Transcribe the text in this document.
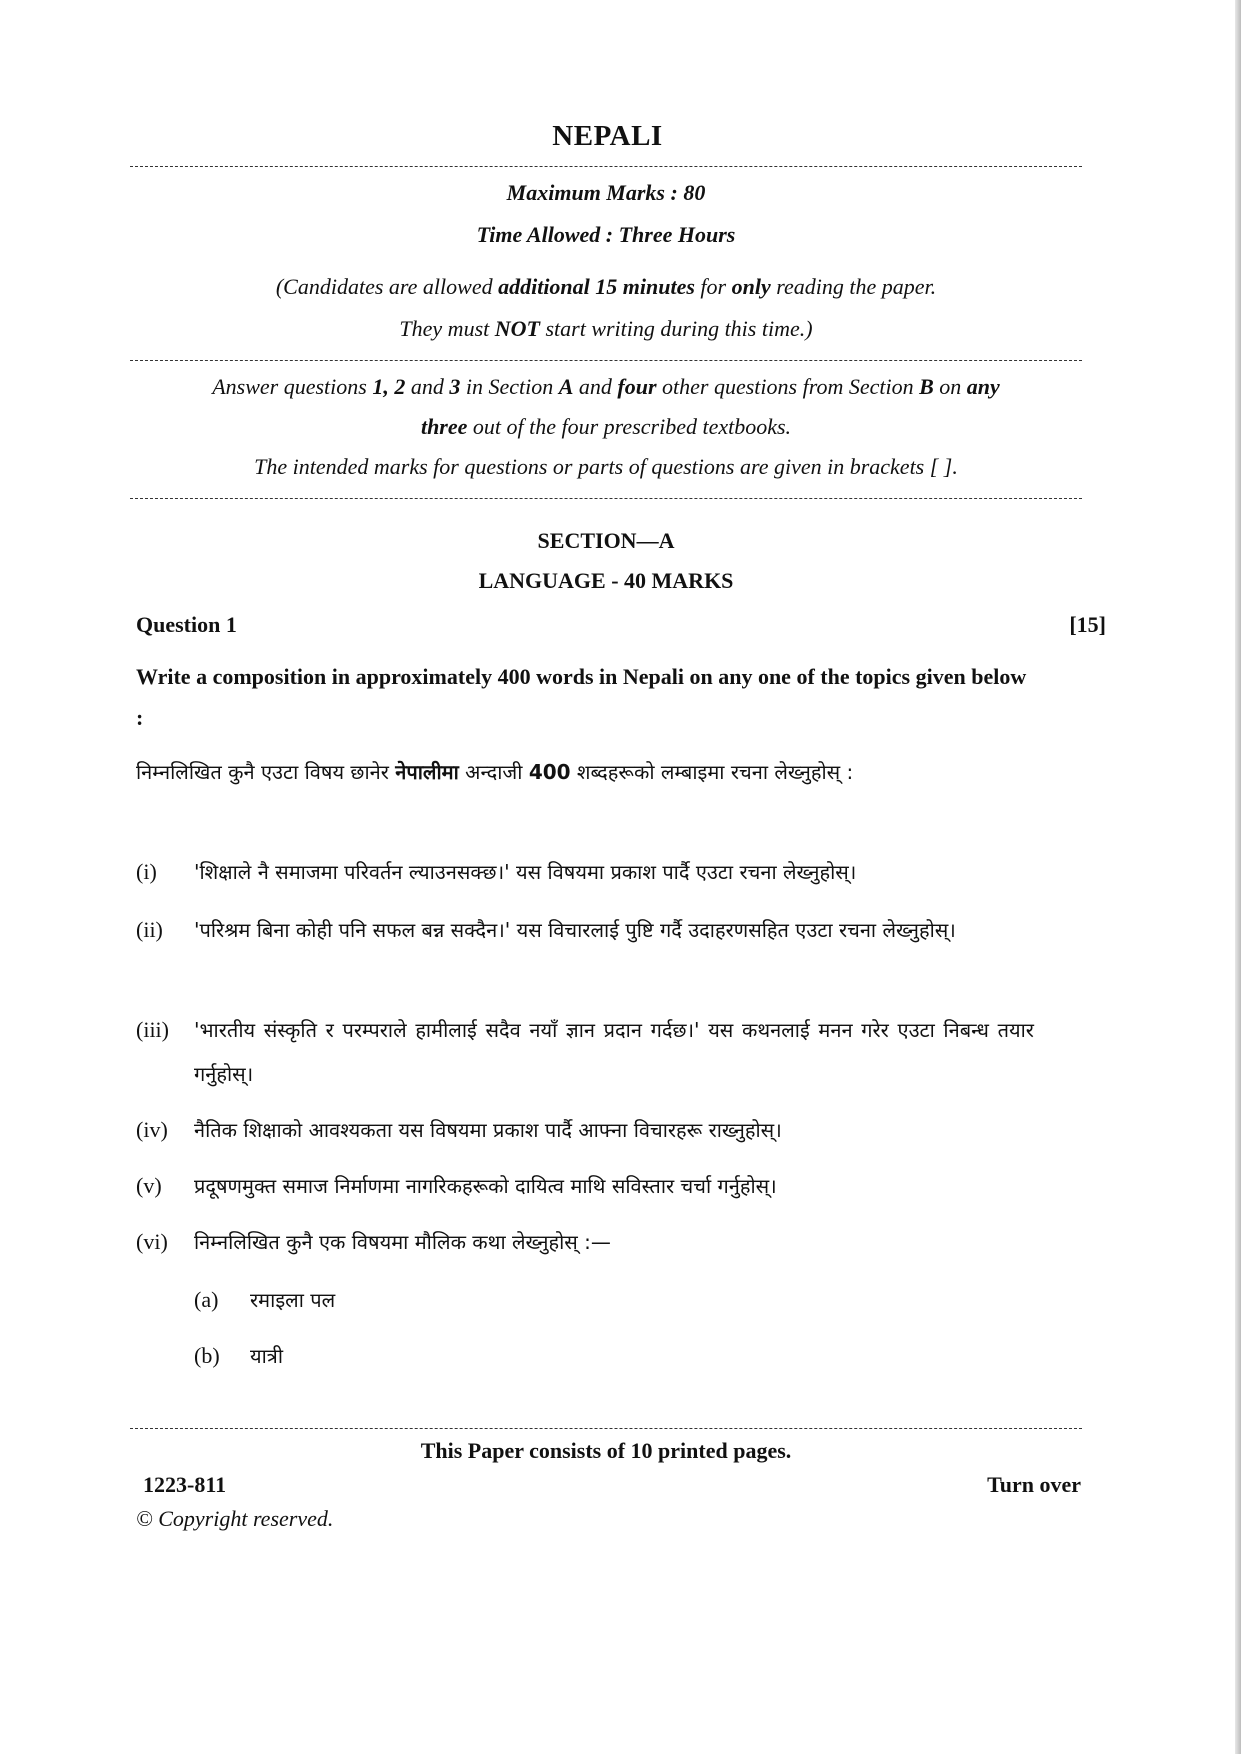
NEPALI
Maximum Marks : 80
Time Allowed : Three Hours
(Candidates are allowed additional 15 minutes for only reading the paper.
They must NOT start writing during this time.)
Answer questions 1, 2 and 3 in Section A and four other questions from Section B on any
three out of the four prescribed textbooks.
The intended marks for questions or parts of questions are given in brackets [ ].
SECTION—A
LANGUAGE - 40 MARKS
Question 1	[15]
Write a composition in approximately 400 words in Nepali on any one of the topics given below :
निम्नलिखित कुनै एउटा विषय छानेर नेपालीमा अन्दाजी 400 शब्दहरूको लम्बाइमा रचना लेख्नुहोस् :
(i) 'शिक्षाले नै समाजमा परिवर्तन ल्याउनसक्छ।' यस विषयमा प्रकाश पार्दै एउटा रचना लेख्नुहोस्।
(ii) 'परिश्रम बिना कोही पनि सफल बन्न सक्दैन।' यस विचारलाई पुष्टि गर्दै उदाहरणसहित एउटा रचना लेख्नुहोस्।
(iii) 'भारतीय संस्कृति र परम्पराले हामीलाई सदैव नयाँ ज्ञान प्रदान गर्दछ।' यस कथनलाई मनन गरेर एउटा निबन्ध तयार गर्नुहोस्।
(iv) नैतिक शिक्षाको आवश्यकता यस विषयमा प्रकाश पार्दै आफ्ना विचारहरू राख्नुहोस्।
(v) प्रदूषणमुक्त समाज निर्माणमा नागरिकहरूको दायित्व माथि सविस्तार चर्चा गर्नुहोस्।
(vi) निम्नलिखित कुनै एक विषयमा मौलिक कथा लेख्नुहोस् :—
(a) रमाइला पल
(b) यात्री
This Paper consists of 10 printed pages.
1223-811	Turn over
© Copyright reserved.
